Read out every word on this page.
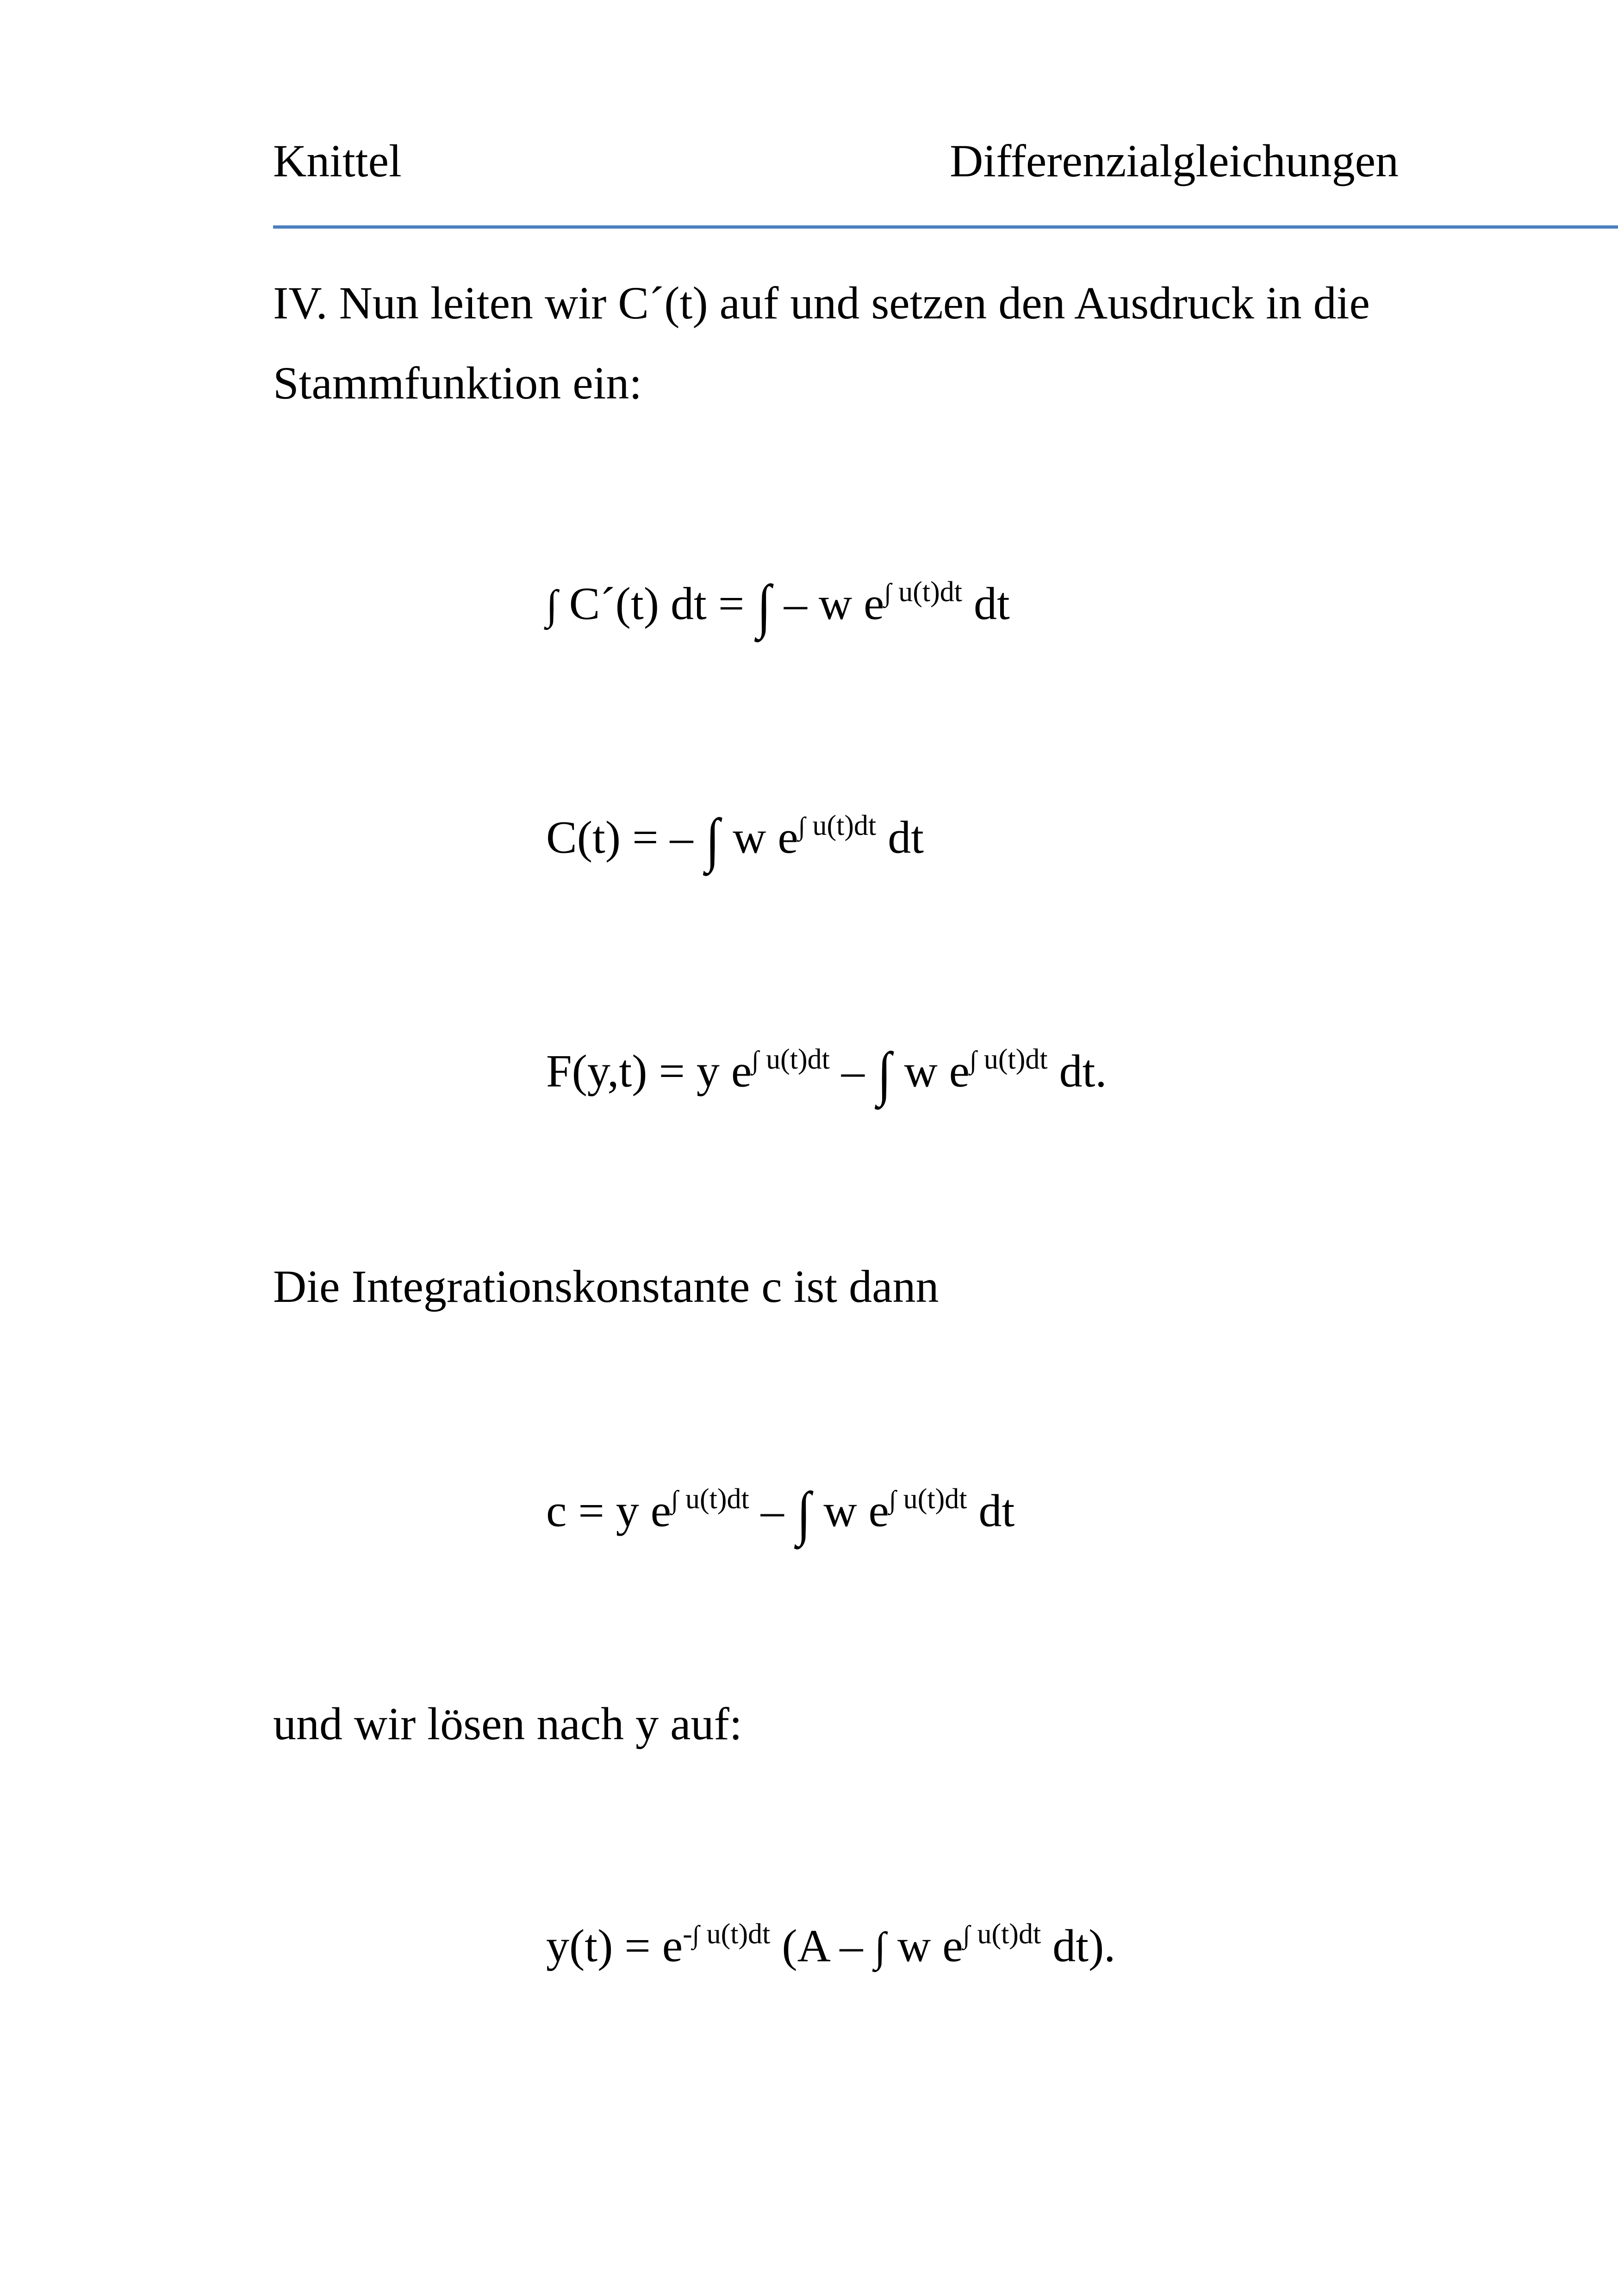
Knittel	Differenzialgleichungen
IV. Nun leiten wir C´(t) auf und setzen den Ausdruck in die
Stammfunktion ein:
∫ C´(t) dt = ∫ – w $e^{\int u(t)dt}$ dt
C(t) = – ∫ w $e^{\int u(t)dt}$ dt
F(y,t) = y $e^{\int u(t)dt}$ – ∫ w $e^{\int u(t)dt}$ dt.
Die Integrationskonstante c ist dann
c = y $e^{\int u(t)dt}$ – ∫ w $e^{\int u(t)dt}$ dt
und wir lösen nach y auf:
$y(t) = e^{-\int u(t)dt}$ (A – ∫ w $e^{\int u(t)dt}$ dt).
